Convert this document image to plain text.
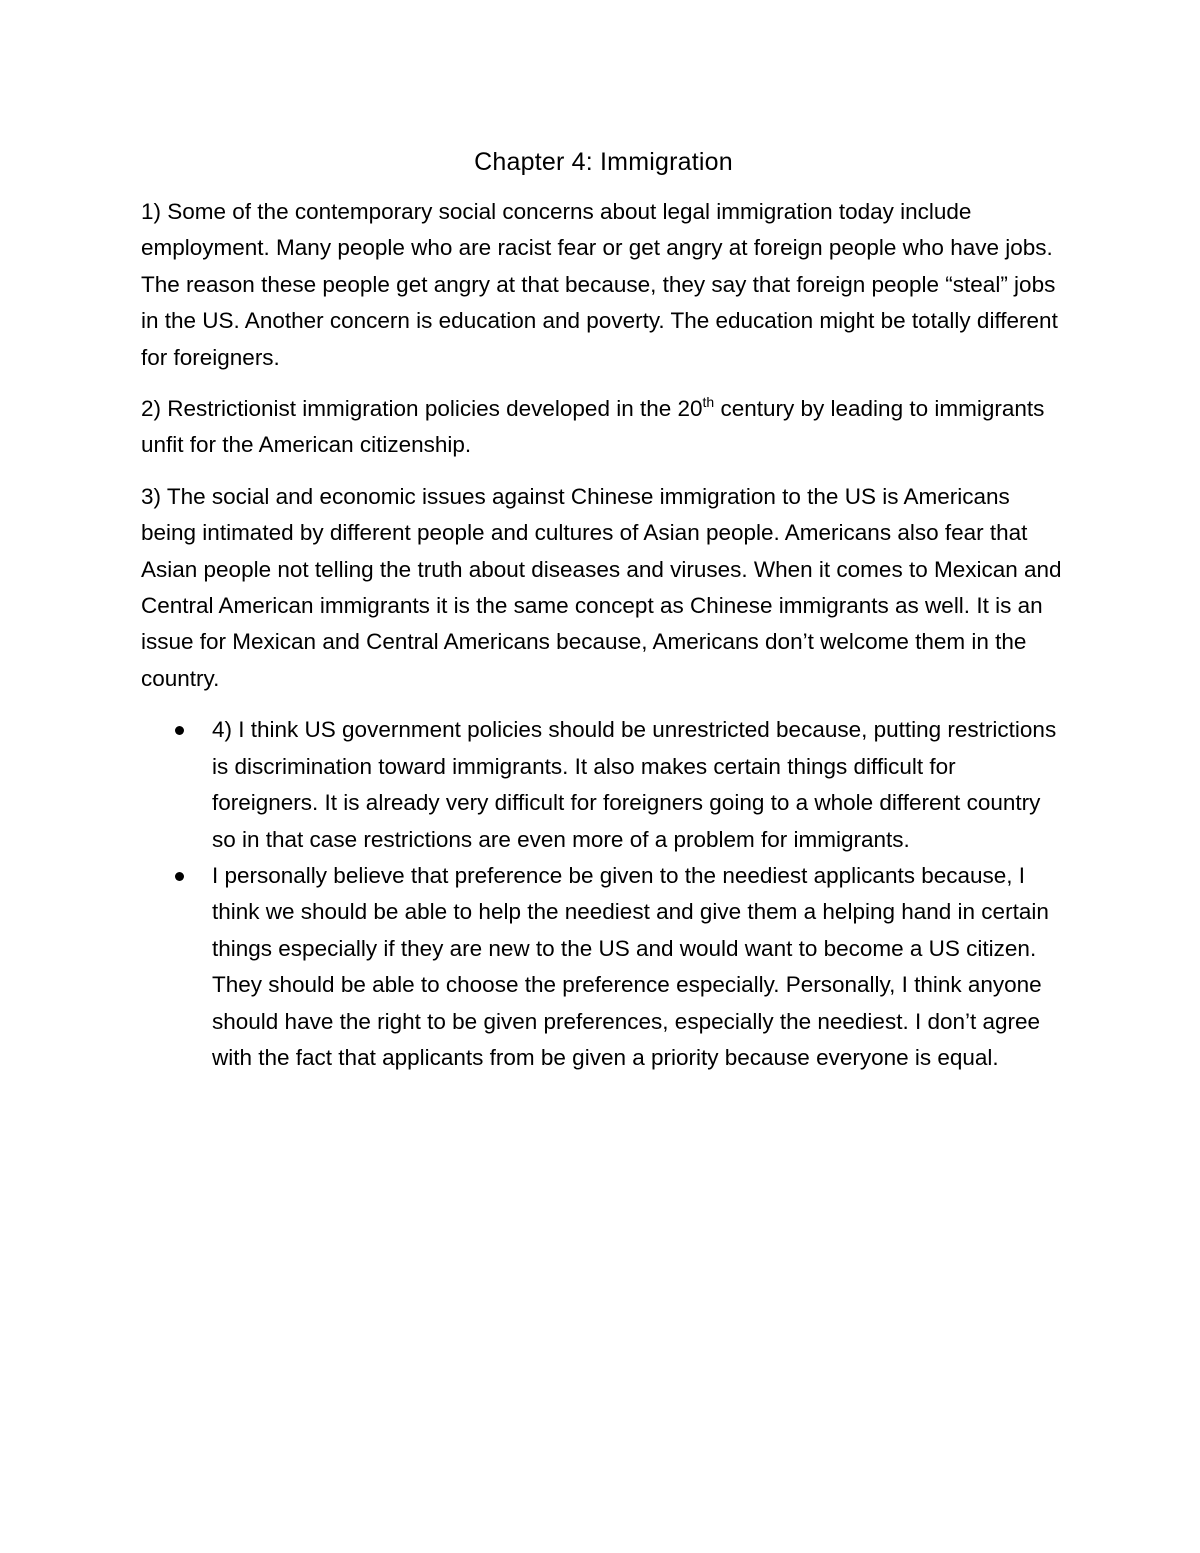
Chapter 4: Immigration

1) Some of the contemporary social concerns about legal immigration today include employment. Many people who are racist fear or get angry at foreign people who have jobs. The reason these people get angry at that because, they say that foreign people “steal” jobs in the US. Another concern is education and poverty. The education might be totally different for foreigners.

2) Restrictionist immigration policies developed in the 20th century by leading to immigrants unfit for the American citizenship.

3) The social and economic issues against Chinese immigration to the US is Americans being intimated by different people and cultures of Asian people. Americans also fear that Asian people not telling the truth about diseases and viruses. When it comes to Mexican and Central American immigrants it is the same concept as Chinese immigrants as well. It is an issue for Mexican and Central Americans because, Americans don’t welcome them in the country.

4) I think US government policies should be unrestricted because, putting restrictions is discrimination toward immigrants. It also makes certain things difficult for foreigners. It is already very difficult for foreigners going to a whole different country so in that case restrictions are even more of a problem for immigrants.
I personally believe that preference be given to the neediest applicants because, I think we should be able to help the neediest and give them a helping hand in certain things especially if they are new to the US and would want to become a US citizen. They should be able to choose the preference especially. Personally, I think anyone should have the right to be given preferences, especially the neediest. I don’t agree with the fact that applicants from be given a priority because everyone is equal.
